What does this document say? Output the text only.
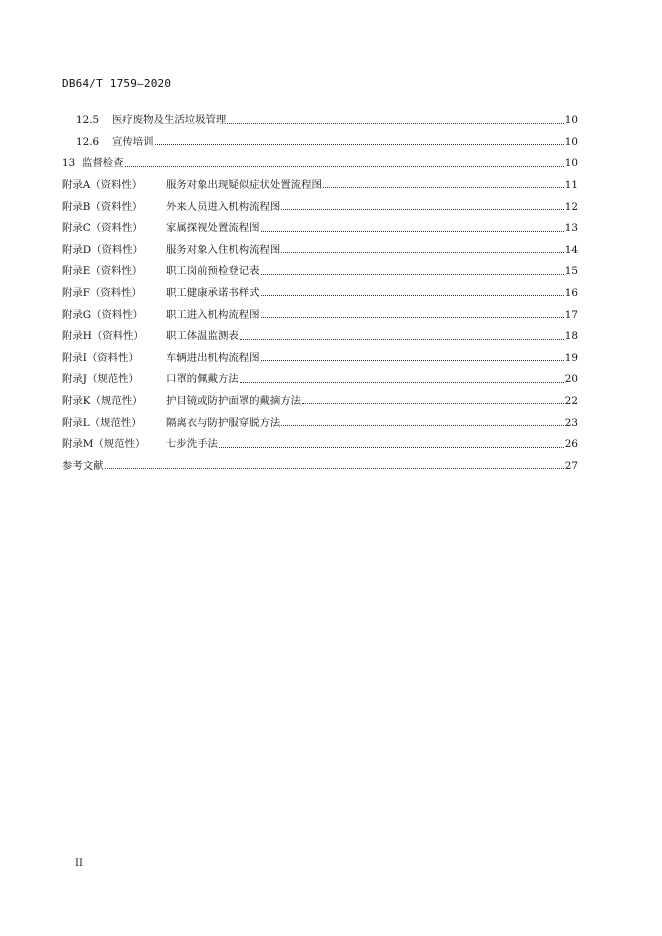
DB64/T 1759—2020
12.5	医疗废物及生活垃圾管理	10
12.6	宣传培训	10
13 监督检查	10
附录A（资料性）	服务对象出现疑似症状处置流程图	11
附录B（资料性）	外来人员进入机构流程图	12
附录C（资料性）	家属探视处置流程图	13
附录D（资料性）	服务对象入住机构流程图	14
附录E（资料性）	职工岗前预检登记表	15
附录F（资料性）	职工健康承诺书样式	16
附录G（资料性）	职工进入机构流程图	17
附录H（资料性）	职工体温监测表	18
附录I（资料性）	车辆进出机构流程图	19
附录J（规范性）	口罩的佩戴方法	20
附录K（规范性）	护目镜或防护面罩的戴摘方法	22
附录L（规范性）	隔离衣与防护服穿脱方法	23
附录M（规范性）	七步洗手法	26
参考文献	27
II
